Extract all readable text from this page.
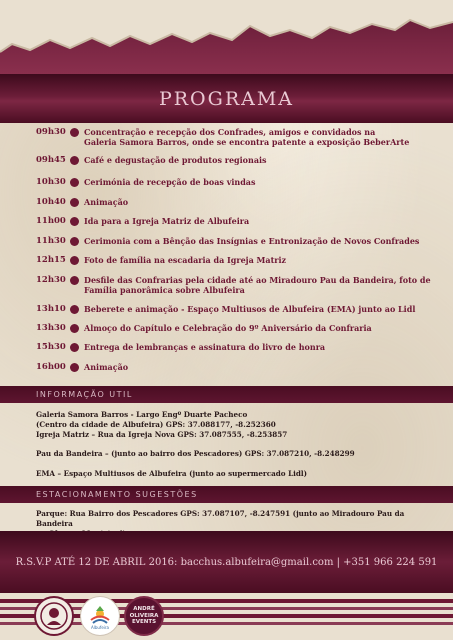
PROGRAMA
09h30 Concentração e recepção dos Confrades, amigos e convidados na
Galeria Samora Barros, onde se encontra patente a exposição BeberArte
09h45 Café e degustação de produtos regionais
10h30 Cerimónia de recepção de boas vindas
10h40 Animação
11h00 Ida para a Igreja Matriz de Albufeira
11h30 Cerimonia com a Bênção das Insígnias e Entronização de Novos Confrades
12h15 Foto de família na escadaria da Igreja Matriz
12h30 Desfile das Confrarias pela cidade até ao Miradouro Pau da Bandeira, foto de
Família panorâmica sobre Albufeira
13h10 Beberete e animação - Espaço Multiusos de Albufeira (EMA) junto ao Lidl
13h30 Almoço do Capítulo e Celebração do 9º Aniversário da Confraria
15h30 Entrega de lembranças e assinatura do livro de honra
16h00 Animação
INFORMAÇÃO UTIL
Galeria Samora Barros - Largo Engº Duarte Pacheco
(Centro da cidade de Albufeira) GPS: 37.088177, -8.252360
Igreja Matriz – Rua da Igreja Nova GPS: 37.087555, -8.253857
Pau da Bandeira – (junto ao bairro dos Pescadores) GPS: 37.087210, -8.248299
EMA – Espaço Multiusos de Albufeira (junto ao supermercado Lidl)
ESTACIONAMENTO SUGESTÕES
Parque: Rua Bairro dos Pescadores GPS: 37.087107, -8.247591 (junto ao Miradouro Pau da Bandeira
R.S.V.P ATÉ 12 DE ABRIL 2016: bacchus.albufeira@gmail.com | +351 966 224 591
Albufeira
ANDRÉ
OLIVEIRA
EVENTS
